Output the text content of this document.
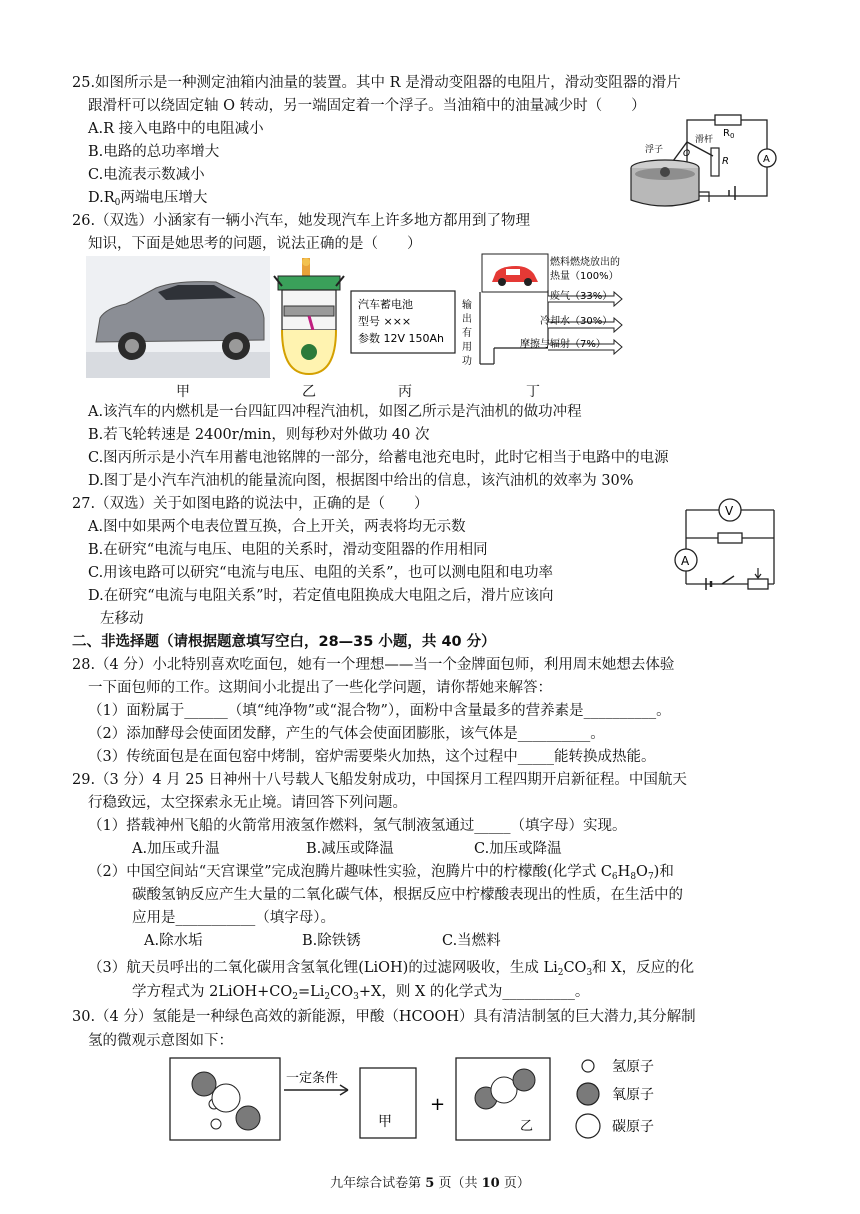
25.如图所示是一种测定油箱内油量的装置。其中 R 是滑动变阻器的电阻片，滑动变阻器的滑片
跟滑杆可以绕固定轴 O 转动，另一端固定着一个浮子。当油箱中的油量减少时（　　）
A.R 接入电路中的电阻减小
B.电路的总功率增大
C.电流表示数减小
$D.R_0$两端电压增大
$R_0$
A
R
滑杆
O
浮子
26.（双选）小涵家有一辆小汽车，她发现汽车上许多地方都用到了物理
知识，下面是她思考的问题，说法正确的是（　　）
汽车蓄电池
型号 ×××
参数 12V 150Ah
燃料燃烧放出的
热量（100%）
废气（33%）
冷却水（30%）
摩擦与辐射（7%）
输
出
有
用
功
甲	乙	丙	丁
A.该汽车的内燃机是一台四缸四冲程汽油机，如图乙所示是汽油机的做功冲程
B.若飞轮转速是 2400r/min，则每秒对外做功 40 次
C.图丙所示是小汽车用蓄电池铭牌的一部分，给蓄电池充电时，此时它相当于电路中的电源
D.图丁是小汽车汽油机的能量流向图，根据图中给出的信息，该汽油机的效率为 30%
27.（双选）关于如图电路的说法中，正确的是（　　）
A.图中如果两个电表位置互换，合上开关，两表将均无示数
B.在研究“电流与电压、电阻的关系时，滑动变阻器的作用相同
C.用该电路可以研究“电流与电压、电阻的关系”，也可以测电阻和电功率
D.在研究“电流与电阻关系”时，若定值电阻换成大电阻之后，滑片应该向
左移动
V
A
二、非选择题（请根据题意填写空白，28—35 小题，共 40 分）
28.（4 分）小北特别喜欢吃面包，她有一个理想——当一个金牌面包师，利用周末她想去体验
一下面包师的工作。这期间小北提出了一些化学问题，请你帮她来解答：
（1）面粉属于______（填“纯净物”或“混合物”），面粉中含量最多的营养素是__________。
（2）添加酵母会使面团发酵，产生的气体会使面团膨胀，该气体是__________。
（3）传统面包是在面包窑中烤制，窑炉需要柴火加热，这个过程中_____能转换成热能。
29.（3 分）4 月 25 日神州十八号载人飞船发射成功，中国探月工程四期开启新征程。中国航天
行稳致远，太空探索永无止境。请回答下列问题。
（1）搭载神州飞船的火箭常用液氢作燃料，氢气制液氢通过_____（填字母）实现。
A.加压或升温	B.减压或降温	C.加压或降温
（2）中国空间站“天宫课堂”完成泡腾片趣味性实验，泡腾片中的柠檬酸(化学式 $C_6H_8O_7$)和
碳酸氢钠反应产生大量的二氧化碳气体，根据反应中柠檬酸表现出的性质，在生活中的
应用是___________（填字母）。
A.除水垢	B.除铁锈	C.当燃料
（3）航天员呼出的二氧化碳用含氢氧化锂(LiOH)的过滤网吸收，生成 $Li_2CO_3$和 X，反应的化
学方程式为 $2LiOH+CO_2=Li_2CO_3+X$，则 X 的化学式为__________。
30.（4 分）氢能是一种绿色高效的新能源，甲酸（HCOOH）具有清洁制氢的巨大潜力,其分解制
氢的微观示意图如下：
一定条件
甲
+
乙
氢原子
氧原子
碳原子
九年综合试卷第 5 页（共 10 页）
